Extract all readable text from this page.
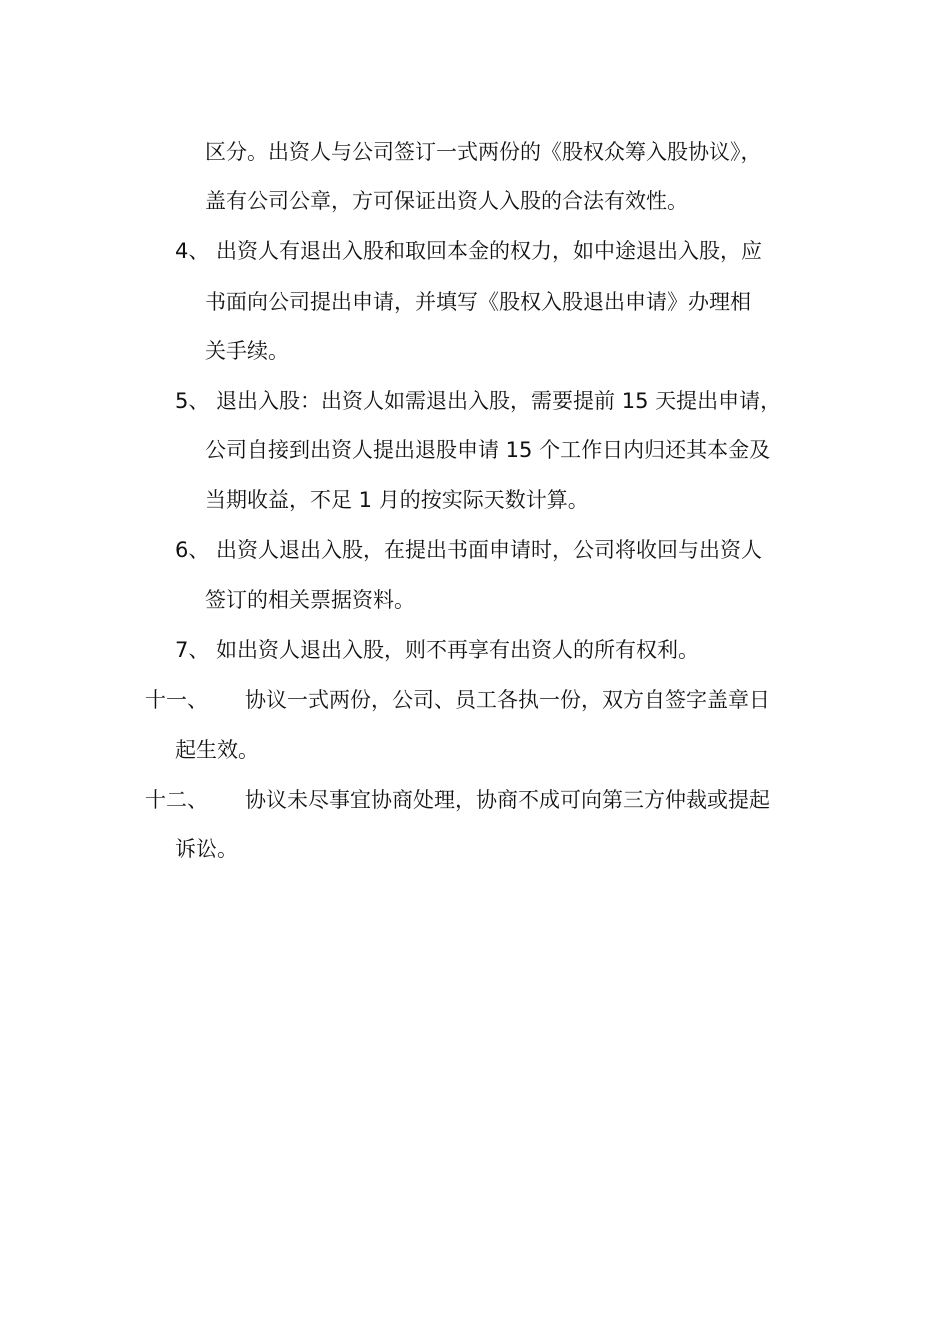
区分。出资人与公司签订一式两份的《股权众筹入股协议》，
盖有公司公章，方可保证出资人入股的合法有效性。
4、 出资人有退出入股和取回本金的权力，如中途退出入股，应
书面向公司提出申请，并填写《股权入股退出申请》办理相
关手续。
5、 退出入股：出资人如需退出入股，需要提前 15 天提出申请，
公司自接到出资人提出退股申请 15 个工作日内归还其本金及
当期收益，不足 1 月的按实际天数计算。
6、 出资人退出入股，在提出书面申请时，公司将收回与出资人
签订的相关票据资料。
7、 如出资人退出入股，则不再享有出资人的所有权利。
十一、 协议一式两份，公司、员工各执一份，双方自签字盖章日
起生效。
十二、 协议未尽事宜协商处理，协商不成可向第三方仲裁或提起
诉讼。
